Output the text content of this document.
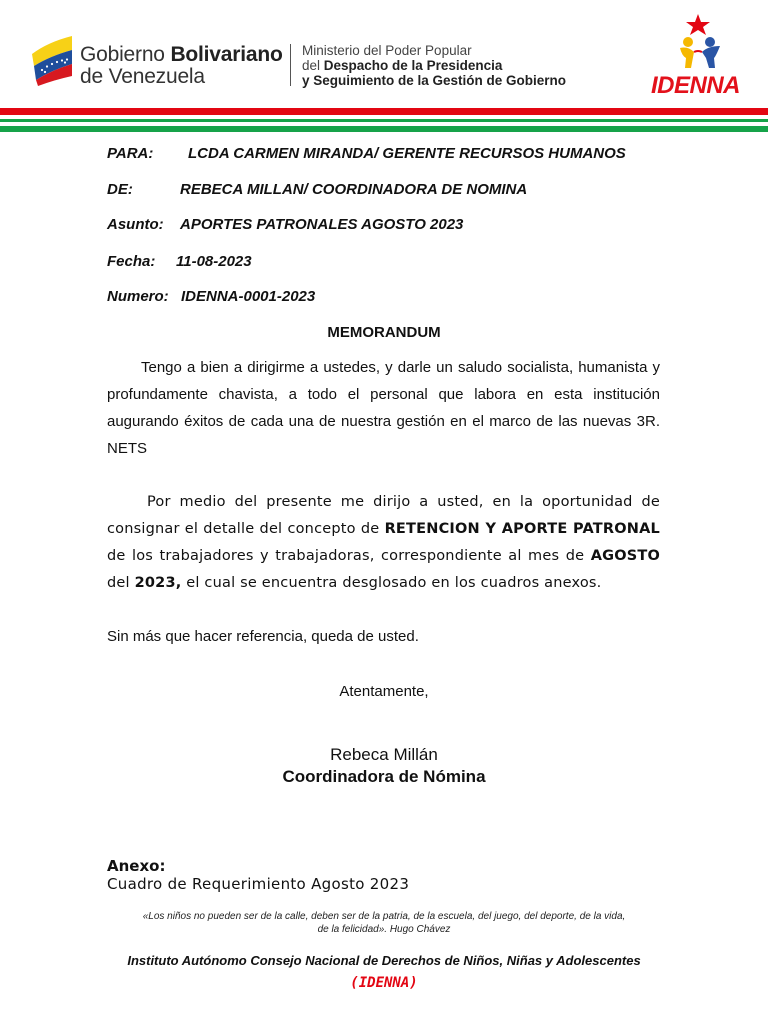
Gobierno Bolivariano
de Venezuela
Ministerio del Poder Popular
del Despacho de la Presidencia
y Seguimiento de la Gestión de Gobierno	IDENNA
PARA: LCDA CARMEN MIRANDA/ GERENTE RECURSOS HUMANOS
DE:	REBECA MILLAN/ COORDINADORA DE NOMINA
Asunto: APORTES PATRONALES AGOSTO 2023
Fecha: 11-08-2023
Numero: IDENNA-0001-2023
MEMORANDUM
Tengo a bien a dirigirme a ustedes, y darle un saludo socialista, humanista y profundamente chavista, a todo el personal que labora en esta institución augurando éxitos de cada una de nuestra gestión en el marco de las nuevas 3R. NETS
Por medio del presente me dirijo a usted, en la oportunidad de consignar el detalle del concepto de RETENCION Y APORTE PATRONAL de los trabajadores y trabajadoras, correspondiente al mes de AGOSTO del 2023, el cual se encuentra desglosado en los cuadros anexos.
Sin más que hacer referencia, queda de usted.
Atentamente,
Rebeca Millán
Coordinadora de Nómina
Anexo:
Cuadro de Requerimiento Agosto 2023
«Los niños no pueden ser de la calle, deben ser de la patria, de la escuela, del juego, del deporte, de la vida,
de la felicidad». Hugo Chávez
Instituto Autónomo Consejo Nacional de Derechos de Niños, Niñas y Adolescentes
(IDENNA)
